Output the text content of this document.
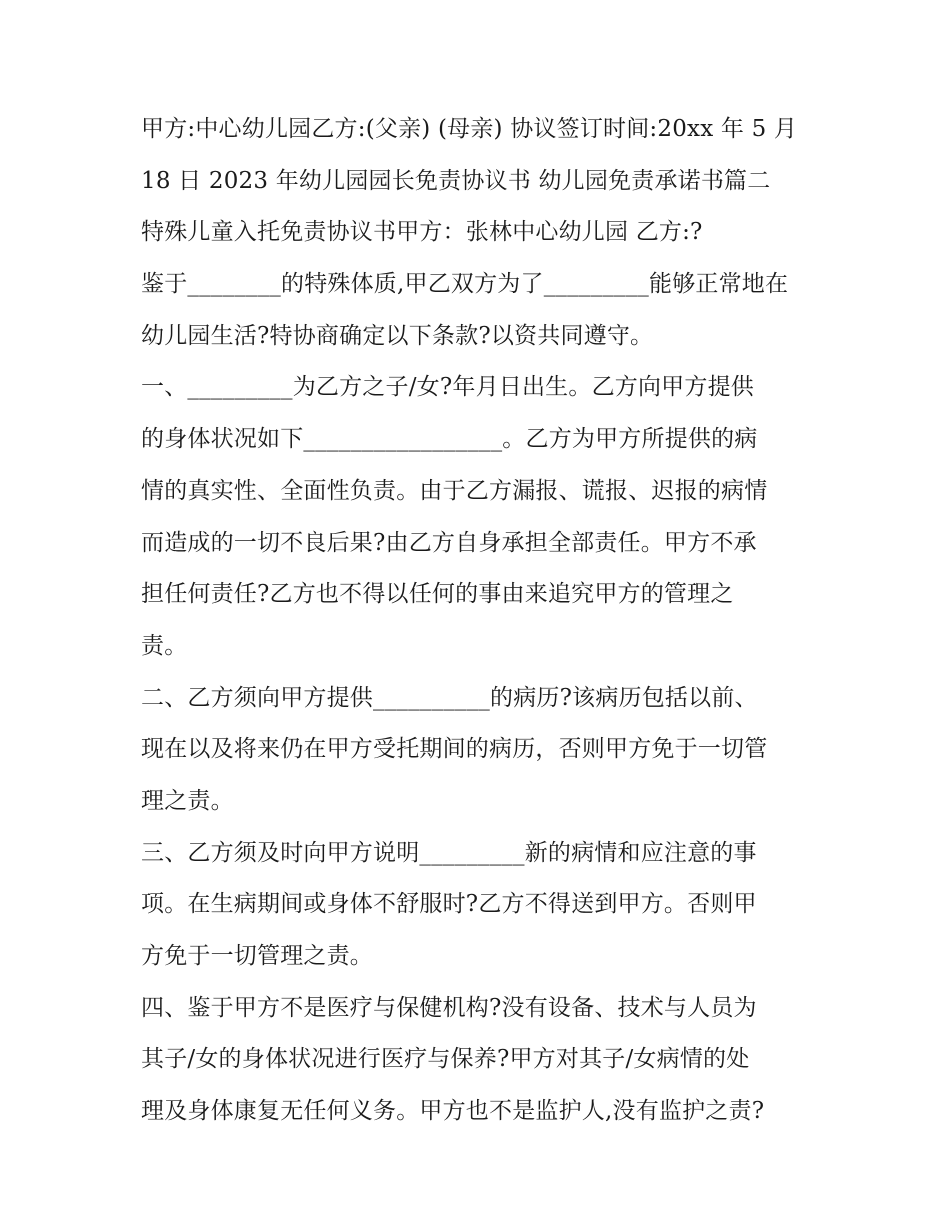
甲方:中心幼儿园乙方:(父亲) (母亲) 协议签订时间:20xx 年 5 月
18 日 2023 年幼儿园园长免责协议书 幼儿园免责承诺书篇二
特殊儿童入托免责协议书甲方：张林中心幼儿园 乙方:?
鉴于________的特殊体质,甲乙双方为了_________能够正常地在
幼儿园生活?特协商确定以下条款?以资共同遵守。
一、_________为乙方之子/女?年月日出生。乙方向甲方提供
的身体状况如下_________________。乙方为甲方所提供的病
情的真实性、全面性负责。由于乙方漏报、谎报、迟报的病情
而造成的一切不良后果?由乙方自身承担全部责任。甲方不承
担任何责任?乙方也不得以任何的事由来追究甲方的管理之
责。
二、乙方须向甲方提供__________的病历?该病历包括以前、
现在以及将来仍在甲方受托期间的病历，否则甲方免于一切管
理之责。
三、乙方须及时向甲方说明_________新的病情和应注意的事
项。在生病期间或身体不舒服时?乙方不得送到甲方。否则甲
方免于一切管理之责。
四、鉴于甲方不是医疗与保健机构?没有设备、技术与人员为
其子/女的身体状况进行医疗与保养?甲方对其子/女病情的处
理及身体康复无任何义务。甲方也不是监护人,没有监护之责?
